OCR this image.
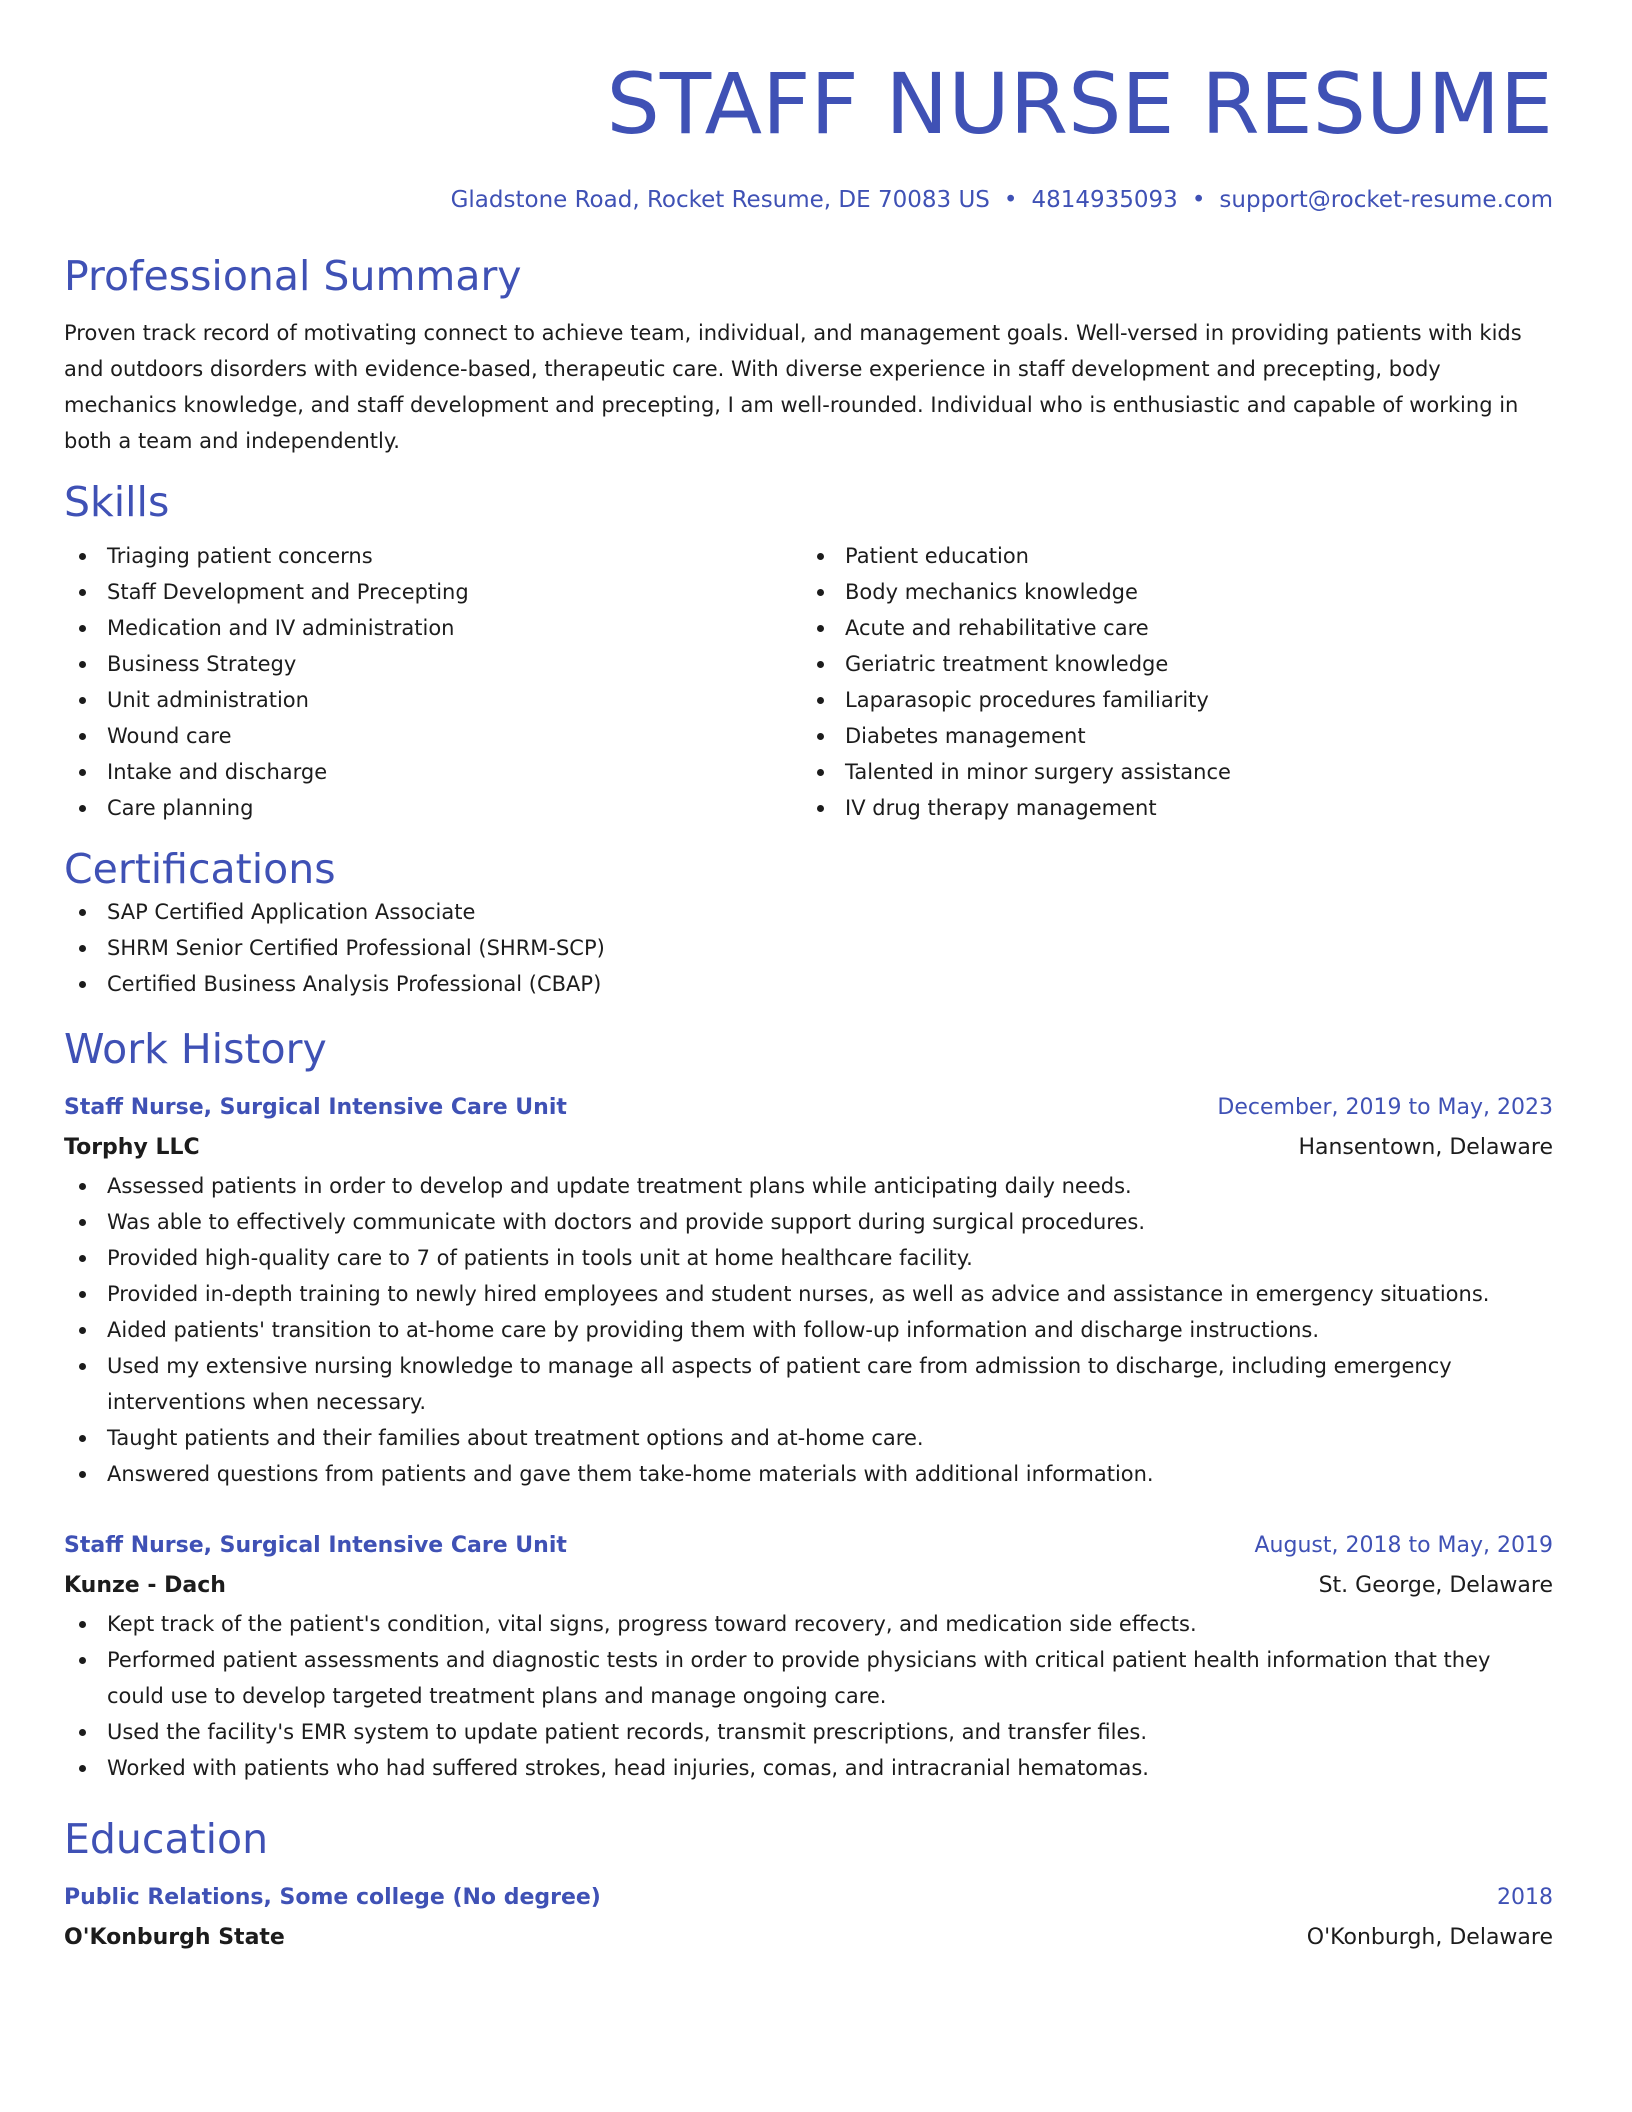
STAFF NURSE RESUME
Gladstone Road, Rocket Resume, DE 70083 US • 4814935093 • support@rocket-resume.com
Professional Summary
Proven track record of motivating connect to achieve team, individual, and management goals. Well-versed in providing patients with kids and outdoors disorders with evidence-based, therapeutic care. With diverse experience in staff development and precepting, body mechanics knowledge, and staff development and precepting, I am well-rounded. Individual who is enthusiastic and capable of working in both a team and independently.
Skills
Triaging patient concerns
Staff Development and Precepting
Medication and IV administration
Business Strategy
Unit administration
Wound care
Intake and discharge
Care planning
Patient education
Body mechanics knowledge
Acute and rehabilitative care
Geriatric treatment knowledge
Laparasopic procedures familiarity
Diabetes management
Talented in minor surgery assistance
IV drug therapy management
Certifications
SAP Certified Application Associate
SHRM Senior Certified Professional (SHRM-SCP)
Certified Business Analysis Professional (CBAP)
Work History
Staff Nurse, Surgical Intensive Care Unit	December, 2019 to May, 2023
Torphy LLC	Hansentown, Delaware
Assessed patients in order to develop and update treatment plans while anticipating daily needs.
Was able to effectively communicate with doctors and provide support during surgical procedures.
Provided high-quality care to 7 of patients in tools unit at home healthcare facility.
Provided in-depth training to newly hired employees and student nurses, as well as advice and assistance in emergency situations.
Aided patients' transition to at-home care by providing them with follow-up information and discharge instructions.
Used my extensive nursing knowledge to manage all aspects of patient care from admission to discharge, including emergency interventions when necessary.
Taught patients and their families about treatment options and at-home care.
Answered questions from patients and gave them take-home materials with additional information.
Staff Nurse, Surgical Intensive Care Unit	August, 2018 to May, 2019
Kunze - Dach	St. George, Delaware
Kept track of the patient's condition, vital signs, progress toward recovery, and medication side effects.
Performed patient assessments and diagnostic tests in order to provide physicians with critical patient health information that they could use to develop targeted treatment plans and manage ongoing care.
Used the facility's EMR system to update patient records, transmit prescriptions, and transfer files.
Worked with patients who had suffered strokes, head injuries, comas, and intracranial hematomas.
Education
Public Relations, Some college (No degree)	2018
O'Konburgh State	O'Konburgh, Delaware
